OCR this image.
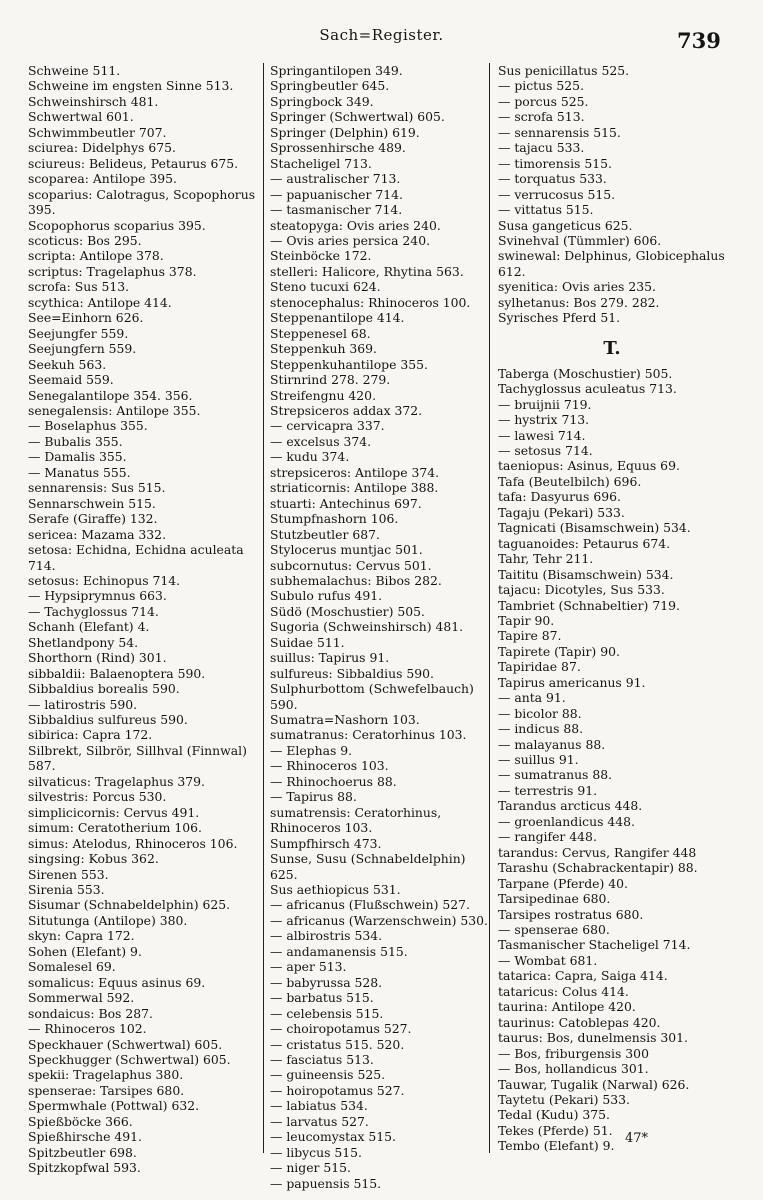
Sach=Register.	739
Schweine 511.
Schweine im engsten Sinne 513.
Schweinshirsch 481.
Schwertwal 601.
Schwimmbeutler 707.
sciurea: Didelphys 675.
sciureus: Belideus, Petaurus 675.
scoparea: Antilope 395.
scoparius: Calotragus, Scopophorus 395.
Scopophorus scoparius 395.
scoticus: Bos 295.
scripta: Antilope 378.
scriptus: Tragelaphus 378.
scrofa: Sus 513.
scythica: Antilope 414.
See=Einhorn 626.
Seejungfer 559.
Seejungfern 559.
Seekuh 563.
Seemaid 559.
Senegalantilope 354. 356.
senegalensis: Antilope 355.
— Boselaphus 355.
— Bubalis 355.
— Damalis 355.
— Manatus 555.
sennarensis: Sus 515.
Sennarschwein 515.
Serafe (Giraffe) 132.
sericea: Mazama 332.
setosa: Echidna, Echidna aculeata 714.
setosus: Echinopus 714.
— Hypsiprymnus 663.
— Tachyglossus 714.
Schanh (Elefant) 4.
Shetlandpony 54.
Shorthorn (Rind) 301.
sibbaldii: Balaenoptera 590.
Sibbaldius borealis 590.
— latirostris 590.
Sibbaldius sulfureus 590.
sibirica: Capra 172.
Silbrekt, Silbrör, Sillhval (Finnwal) 587.
silvaticus: Tragelaphus 379.
silvestris: Porcus 530.
simplicicornis: Cervus 491.
simum: Ceratotherium 106.
simus: Atelodus, Rhinoceros 106.
singsing: Kobus 362.
Sirenen 553.
Sirenia 553.
Sisumar (Schnabeldelphin) 625.
Situtunga (Antilope) 380.
skyn: Capra 172.
Sohen (Elefant) 9.
Somalesel 69.
somalicus: Equus asinus 69.
Sommerwal 592.
sondaicus: Bos 287.
— Rhinoceros 102.
Speckhauer (Schwertwal) 605.
Speckhugger (Schwertwal) 605.
spekii: Tragelaphus 380.
spenserae: Tarsipes 680.
Spermwhale (Pottwal) 632.
Spießböcke 366.
Spießhirsche 491.
Spitzbeutler 698.
Spitzkopfwal 593.
Springantilopen 349.
Springbeutler 645.
Springbock 349.
Springer (Schwertwal) 605.
Springer (Delphin) 619.
Sprossenhirsche 489.
Stacheligel 713.
— australischer 713.
— papuanischer 714.
— tasmanischer 714.
steatopyga: Ovis aries 240.
— Ovis aries persica 240.
Steinböcke 172.
stelleri: Halicore, Rhytina 563.
Steno tucuxi 624.
stenocephalus: Rhinoceros 100.
Steppenantilope 414.
Steppenesel 68.
Steppenkuh 369.
Steppenkuhantilope 355.
Stirnrind 278. 279.
Streifengnu 420.
Strepsiceros addax 372.
— cervicapra 337.
— excelsus 374.
— kudu 374.
strepsiceros: Antilope 374.
striaticornis: Antilope 388.
stuarti: Antechinus 697.
Stumpfnashorn 106.
Stutzbeutler 687.
Stylocerus muntjac 501.
subcornutus: Cervus 501.
subhemalachus: Bibos 282.
Subulo rufus 491.
Südö (Moschustier) 505.
Sugoria (Schweinshirsch) 481.
Suidae 511.
suillus: Tapirus 91.
sulfureus: Sibbaldius 590.
Sulphurbottom (Schwefelbauch) 590.
Sumatra=Nashorn 103.
sumatranus: Ceratorhinus 103.
— Elephas 9.
— Rhinoceros 103.
— Rhinochoerus 88.
— Tapirus 88.
sumatrensis: Ceratorhinus, Rhinoceros 103.
Sumpfhirsch 473.
Sunse, Susu (Schnabeldelphin) 625.
Sus aethiopicus 531.
— africanus (Flußschwein) 527.
— africanus (Warzenschwein) 530.
— albirostris 534.
— andamanensis 515.
— aper 513.
— babyrussa 528.
— barbatus 515.
— celebensis 515.
— choiropotamus 527.
— cristatus 515. 520.
— fasciatus 513.
— guineensis 525.
— hoiropotamus 527.
— labiatus 534.
— larvatus 527.
— leucomystax 515.
— libycus 515.
— niger 515.
— papuensis 515.
Sus penicillatus 525.
— pictus 525.
— porcus 525.
— scrofa 513.
— sennarensis 515.
— tajacu 533.
— timorensis 515.
— torquatus 533.
— verrucosus 515.
— vittatus 515.
Susa gangeticus 625.
Svinehval (Tümmler) 606.
swinewal: Delphinus, Globicephalus 612.
syenitica: Ovis aries 235.
sylhetanus: Bos 279. 282.
Syrisches Pferd 51.
T.
Taberga (Moschustier) 505.
Tachyglossus aculeatus 713.
— bruijnii 719.
— hystrix 713.
— lawesi 714.
— setosus 714.
taeniopus: Asinus, Equus 69.
Tafa (Beutelbilch) 696.
tafa: Dasyurus 696.
Tagaju (Pekari) 533.
Tagnicati (Bisamschwein) 534.
taguanoides: Petaurus 674.
Tahr, Tehr 211.
Taititu (Bisamschwein) 534.
tajacu: Dicotyles, Sus 533.
Tambriet (Schnabeltier) 719.
Tapir 90.
Tapire 87.
Tapirete (Tapir) 90.
Tapiridae 87.
Tapirus americanus 91.
— anta 91.
— bicolor 88.
— indicus 88.
— malayanus 88.
— suillus 91.
— sumatranus 88.
— terrestris 91.
Tarandus arcticus 448.
— groenlandicus 448.
— rangifer 448.
tarandus: Cervus, Rangifer 448
Tarashu (Schabrackentapir) 88.
Tarpane (Pferde) 40.
Tarsipedinae 680.
Tarsipes rostratus 680.
— spenserae 680.
Tasmanischer Stacheligel 714.
— Wombat 681.
tatarica: Capra, Saiga 414.
tataricus: Colus 414.
taurina: Antilope 420.
taurinus: Catoblepas 420.
taurus: Bos, dunelmensis 301.
— Bos, friburgensis 300
— Bos, hollandicus 301.
Tauwar, Tugalik (Narwal) 626.
Taytetu (Pekari) 533.
Tedal (Kudu) 375.
Tekes (Pferde) 51.
Tembo (Elefant) 9. 47*
